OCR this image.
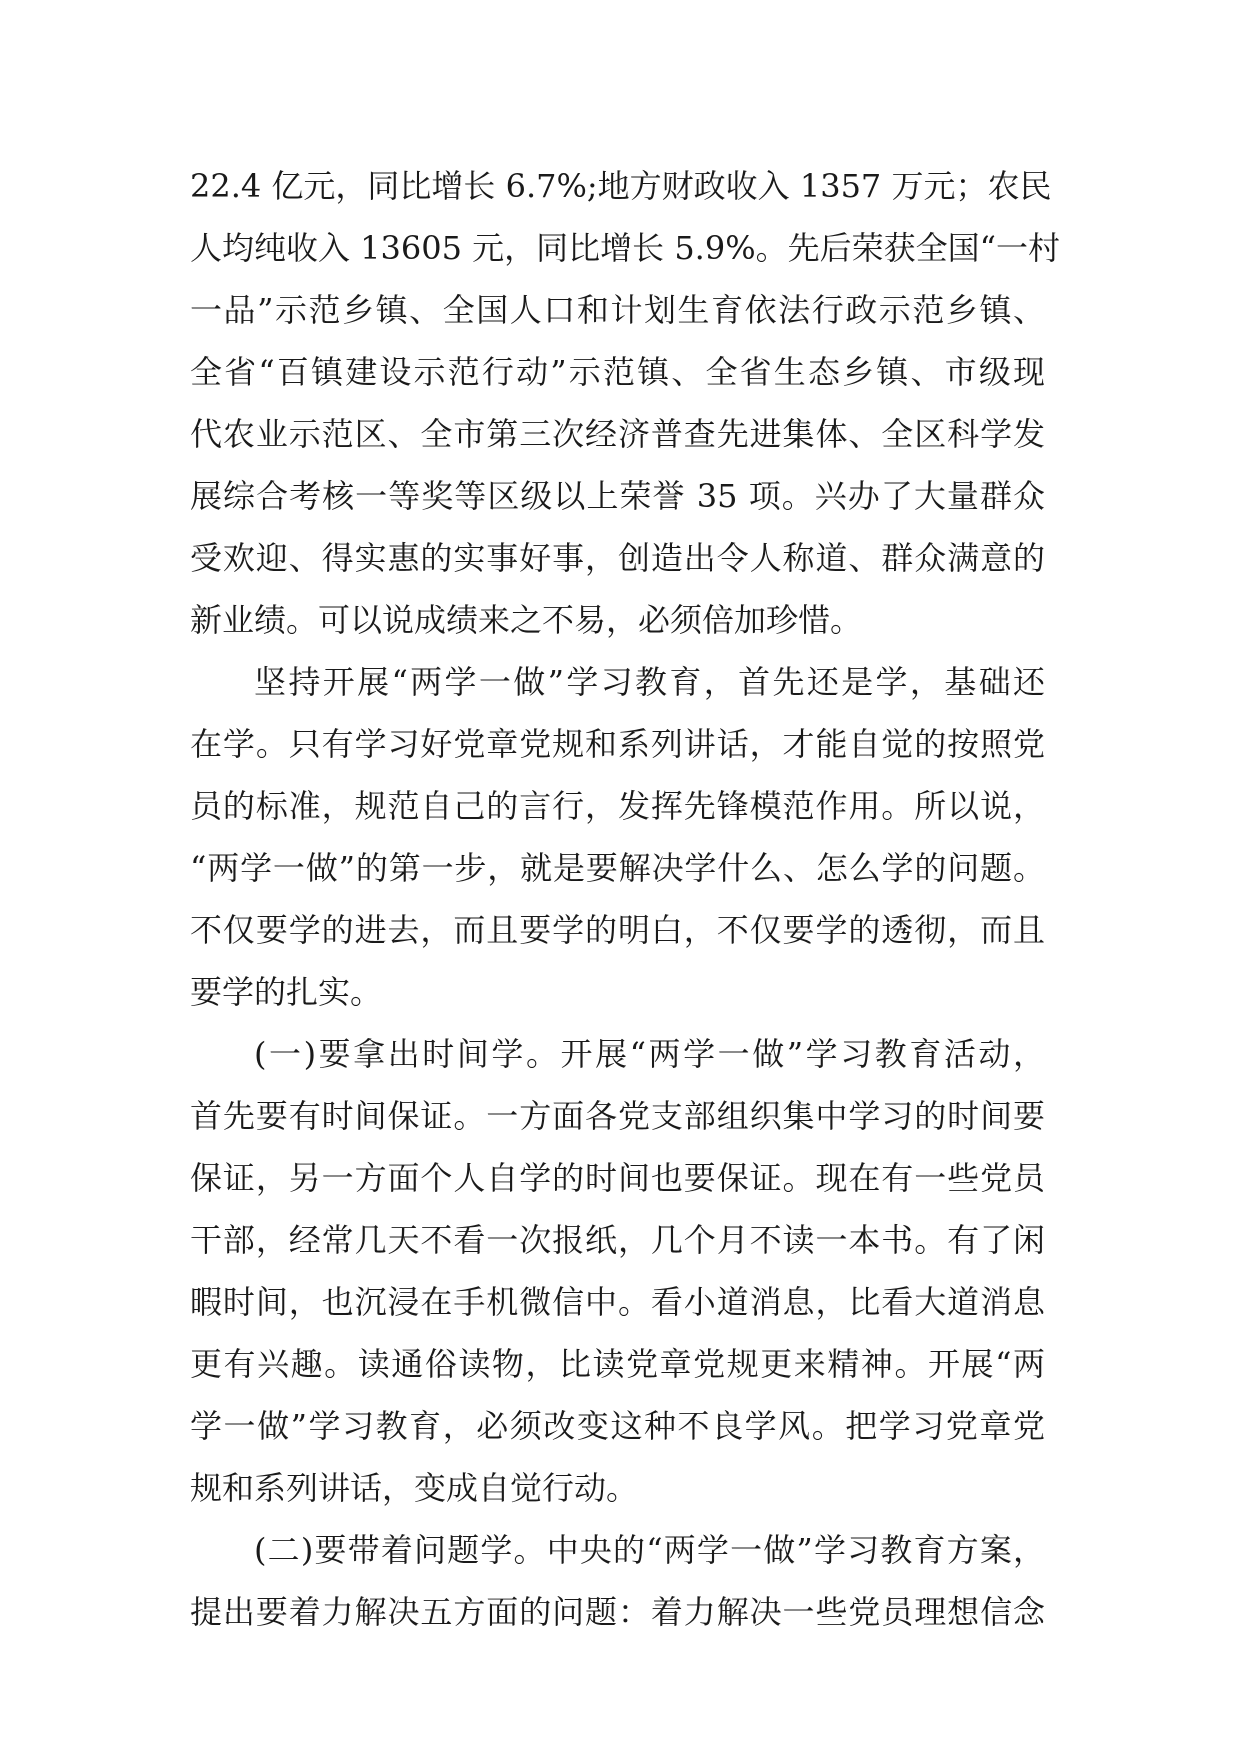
22.4 亿元，同比增长 6.7%;地方财政收入 1357 万元；农民
人均纯收入 13605 元，同比增长 5.9%。先后荣获全国“一村
一品”示范乡镇、全国人口和计划生育依法行政示范乡镇、
全省“百镇建设示范行动”示范镇、全省生态乡镇、市级现
代农业示范区、全市第三次经济普查先进集体、全区科学发
展综合考核一等奖等区级以上荣誉 35 项。兴办了大量群众
受欢迎、得实惠的实事好事，创造出令人称道、群众满意的
新业绩。可以说成绩来之不易，必须倍加珍惜。
坚持开展“两学一做”学习教育，首先还是学，基础还
在学。只有学习好党章党规和系列讲话，才能自觉的按照党
员的标准，规范自己的言行，发挥先锋模范作用。所以说，
“两学一做”的第一步，就是要解决学什么、怎么学的问题。
不仅要学的进去，而且要学的明白，不仅要学的透彻，而且
要学的扎实。
(一)要拿出时间学。开展“两学一做”学习教育活动，
首先要有时间保证。一方面各党支部组织集中学习的时间要
保证，另一方面个人自学的时间也要保证。现在有一些党员
干部，经常几天不看一次报纸，几个月不读一本书。有了闲
暇时间，也沉浸在手机微信中。看小道消息，比看大道消息
更有兴趣。读通俗读物，比读党章党规更来精神。开展“两
学一做”学习教育，必须改变这种不良学风。把学习党章党
规和系列讲话，变成自觉行动。
(二)要带着问题学。中央的“两学一做”学习教育方案，
提出要着力解决五方面的问题：着力解决一些党员理想信念
